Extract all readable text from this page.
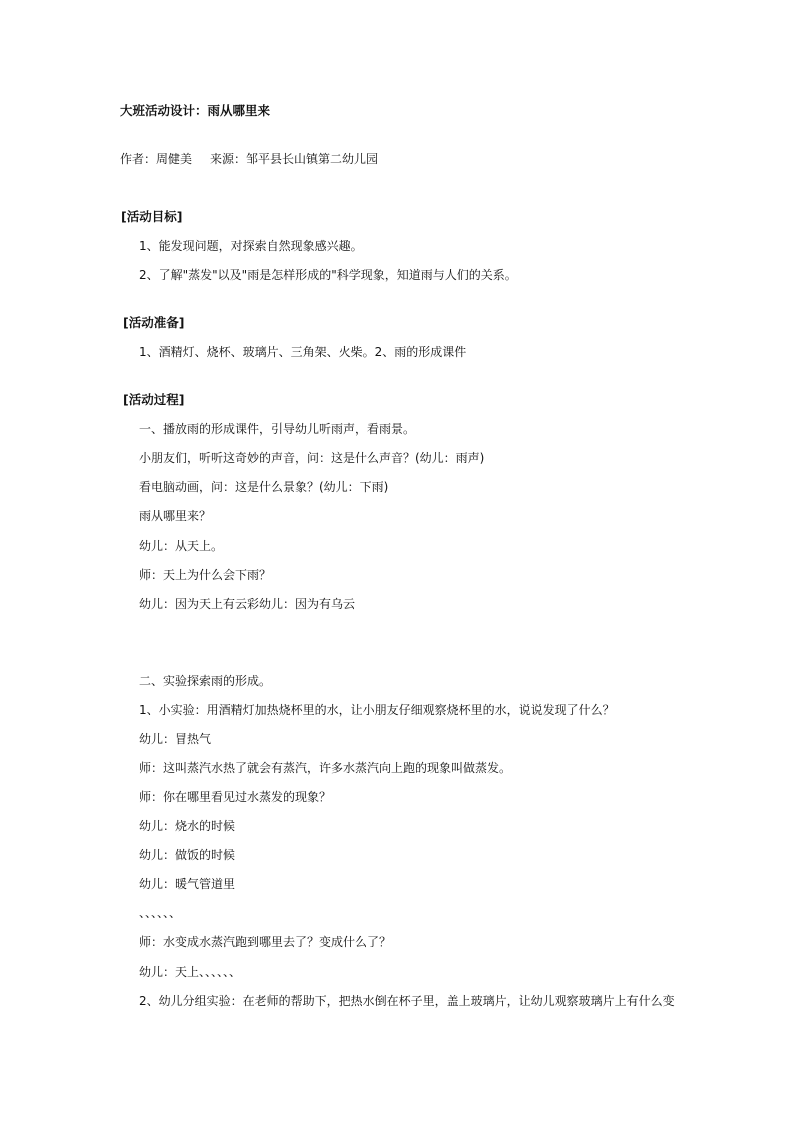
大班活动设计：雨从哪里来
作者：周健美 来源：邹平县长山镇第二幼儿园
[活动目标]
1、能发现问题，对探索自然现象感兴趣。
2、了解"蒸发"以及"雨是怎样形成的"科学现象，知道雨与人们的关系。
[活动准备]
1、酒精灯、烧杯、玻璃片、三角架、火柴。2、雨的形成课件
[活动过程]
一、播放雨的形成课件，引导幼儿听雨声，看雨景。
小朋友们，听听这奇妙的声音，问：这是什么声音？(幼儿：雨声)
看电脑动画，问：这是什么景象？(幼儿：下雨)
雨从哪里来？
幼儿：从天上。
师：天上为什么会下雨？
幼儿：因为天上有云彩幼儿：因为有乌云
二、实验探索雨的形成。
1、小实验：用酒精灯加热烧杯里的水，让小朋友仔细观察烧杯里的水，说说发现了什么？
幼儿：冒热气
师：这叫蒸汽水热了就会有蒸汽，许多水蒸汽向上跑的现象叫做蒸发。
师：你在哪里看见过水蒸发的现象？
幼儿：烧水的时候
幼儿：做饭的时候
幼儿：暖气管道里
、、、、、、
师：水变成水蒸汽跑到哪里去了？变成什么了？
幼儿：天上、、、、、、
2、幼儿分组实验：在老师的帮助下，把热水倒在杯子里，盖上玻璃片，让幼儿观察玻璃片上有什么变
